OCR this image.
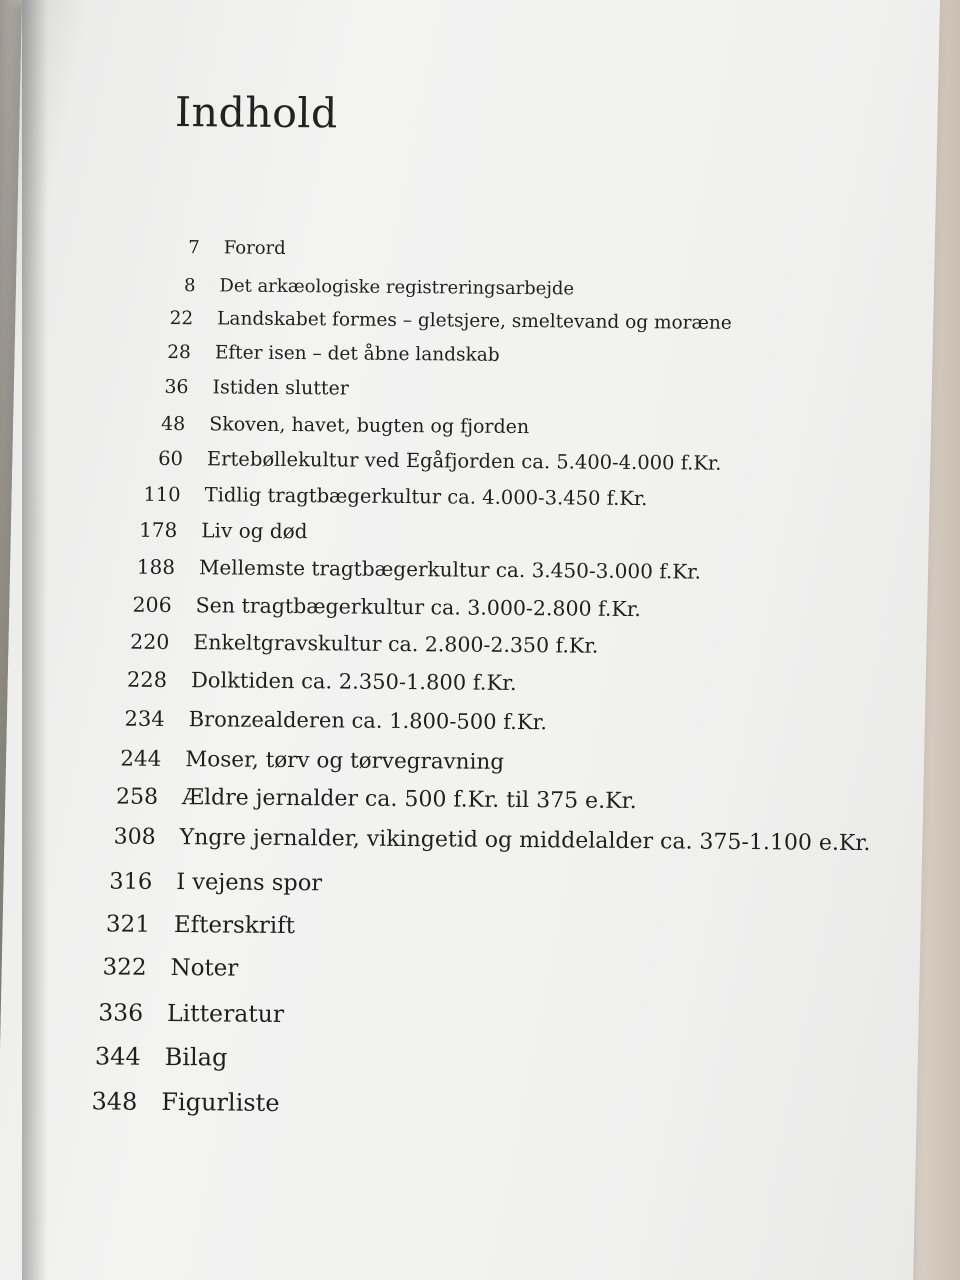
Indhold
7 Forord
8 Det arkæologiske registreringsarbejde
22 Landskabet formes – gletsjere, smeltevand og moræne
28 Efter isen – det åbne landskab
36 Istiden slutter
48 Skoven, havet, bugten og fjorden
60 Ertebøllekultur ved Egåfjorden ca. 5.400-4.000 f.Kr.
110 Tidlig tragtbægerkultur ca. 4.000-3.450 f.Kr.
178 Liv og død
188 Mellemste tragtbægerkultur ca. 3.450-3.000 f.Kr.
206 Sen tragtbægerkultur ca. 3.000-2.800 f.Kr.
220 Enkeltgravskultur ca. 2.800-2.350 f.Kr.
228 Dolktiden ca. 2.350-1.800 f.Kr.
234 Bronzealderen ca. 1.800-500 f.Kr.
244 Moser, tørv og tørvegravning
258 Ældre jernalder ca. 500 f.Kr. til 375 e.Kr.
308 Yngre jernalder, vikingetid og middelalder ca. 375-1.100 e.Kr.
316 I vejens spor
321 Efterskrift
322 Noter
336 Litteratur
344 Bilag
348 Figurliste
